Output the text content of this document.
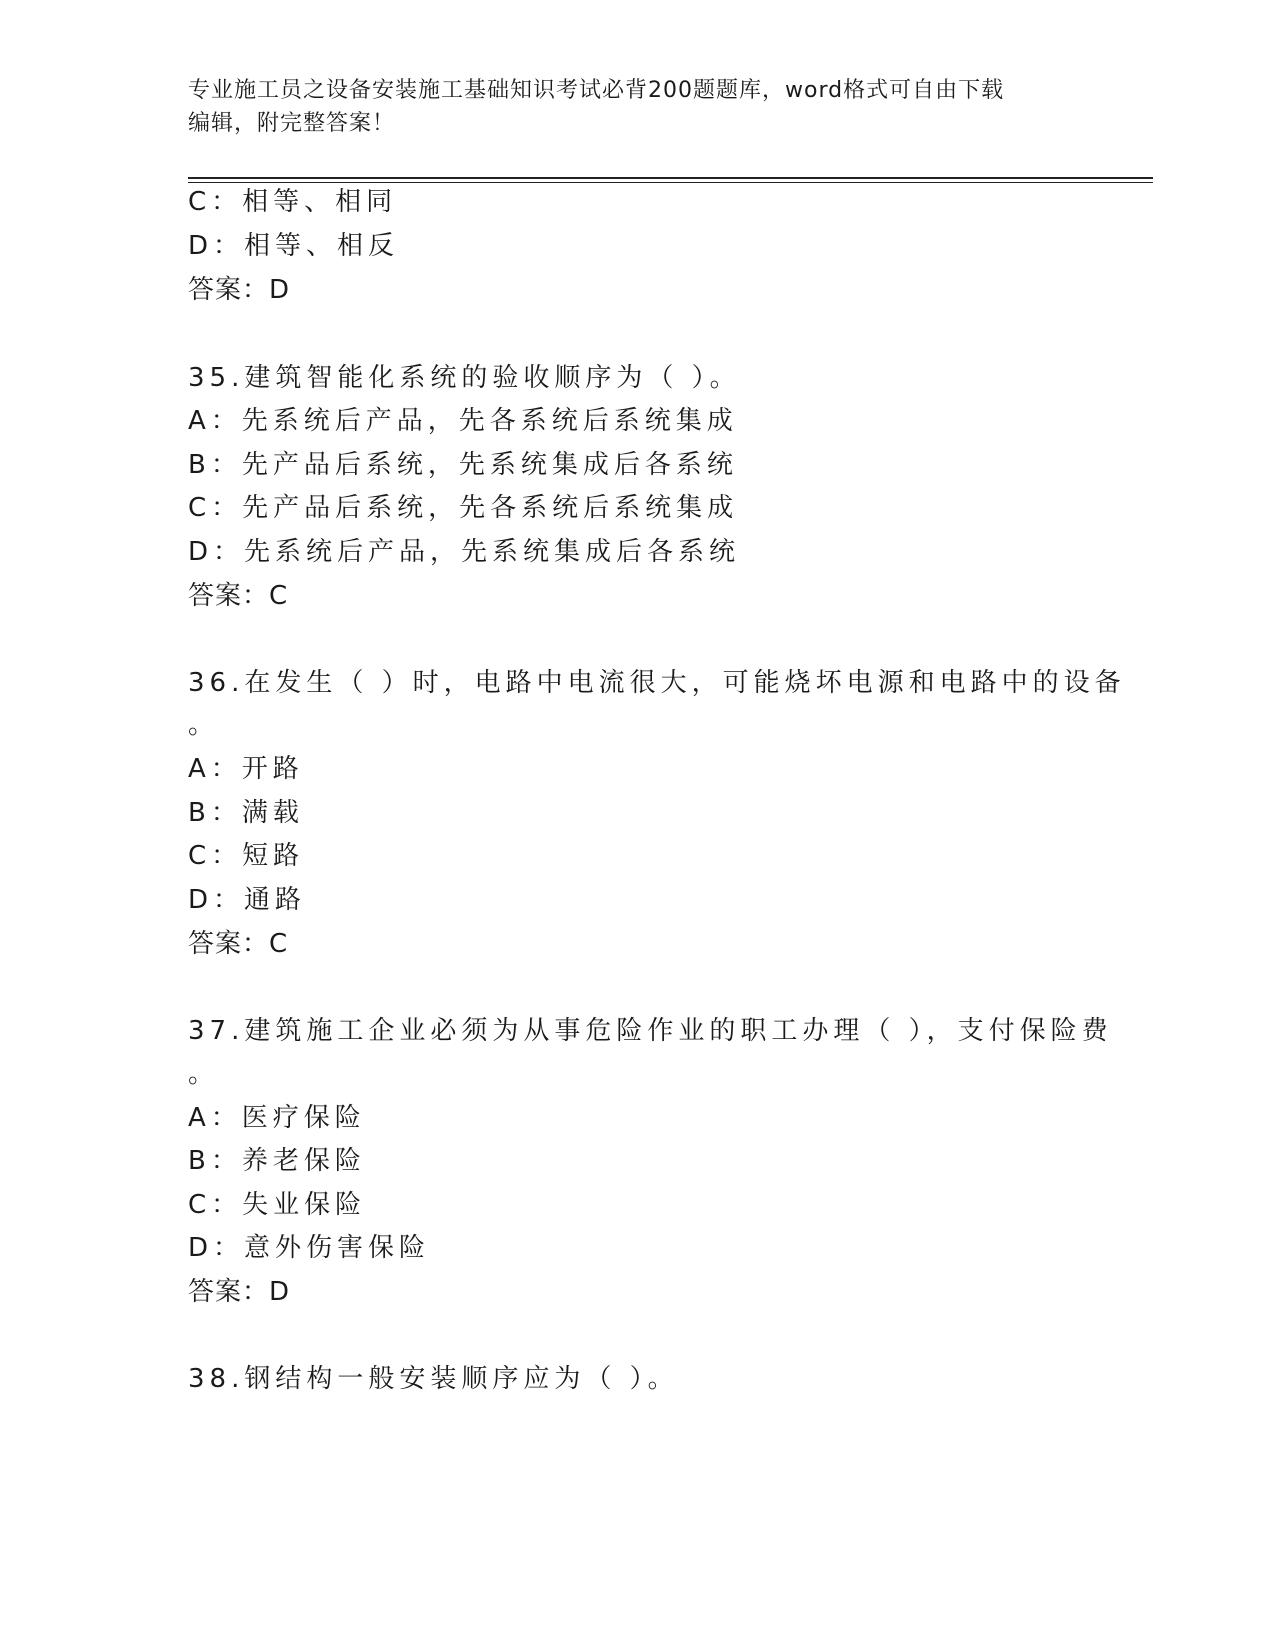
专业施工员之设备安装施工基础知识考试必背200题题库，word格式可自由下载
编辑，附完整答案！
C：相等、相同
D：相等、相反
答案：D
35.建筑智能化系统的验收顺序为（ ）。
A：先系统后产品，先各系统后系统集成
B：先产品后系统，先系统集成后各系统
C：先产品后系统，先各系统后系统集成
D：先系统后产品，先系统集成后各系统
答案：C
36.在发生（ ）时，电路中电流很大，可能烧坏电源和电路中的设备
。
A：开路
B：满载
C：短路
D：通路
答案：C
37.建筑施工企业必须为从事危险作业的职工办理（ ），支付保险费
。
A：医疗保险
B：养老保险
C：失业保险
D：意外伤害保险
答案：D
38.钢结构一般安装顺序应为（ ）。
